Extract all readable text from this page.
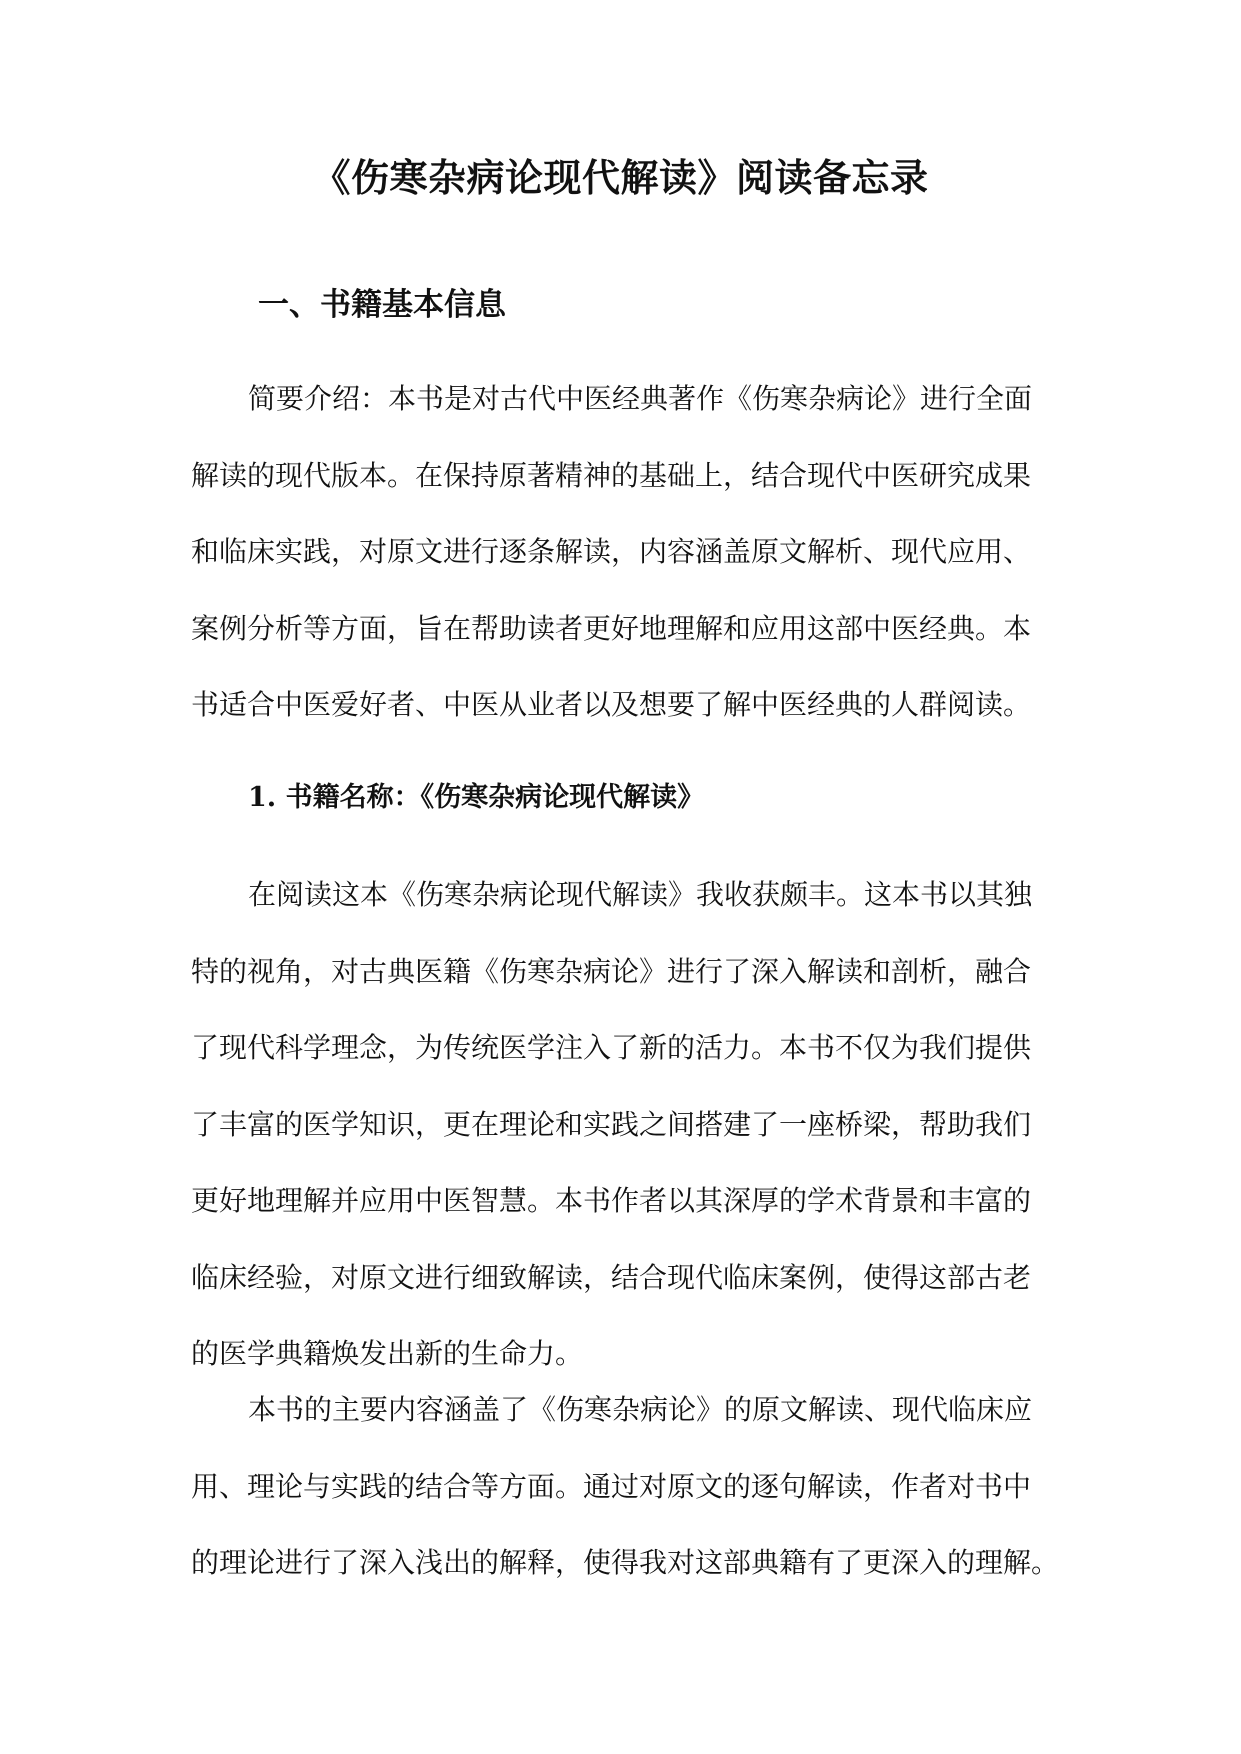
《伤寒杂病论现代解读》阅读备忘录
一、书籍基本信息
简要介绍：本书是对古代中医经典著作《伤寒杂病论》进行全面
解读的现代版本。在保持原著精神的基础上，结合现代中医研究成果
和临床实践，对原文进行逐条解读，内容涵盖原文解析、现代应用、
案例分析等方面，旨在帮助读者更好地理解和应用这部中医经典。本
书适合中医爱好者、中医从业者以及想要了解中医经典的人群阅读。
1. 书籍名称：《伤寒杂病论现代解读》
在阅读这本《伤寒杂病论现代解读》我收获颇丰。这本书以其独
特的视角，对古典医籍《伤寒杂病论》进行了深入解读和剖析，融合
了现代科学理念，为传统医学注入了新的活力。本书不仅为我们提供
了丰富的医学知识，更在理论和实践之间搭建了一座桥梁，帮助我们
更好地理解并应用中医智慧。本书作者以其深厚的学术背景和丰富的
临床经验，对原文进行细致解读，结合现代临床案例，使得这部古老
的医学典籍焕发出新的生命力。
本书的主要内容涵盖了《伤寒杂病论》的原文解读、现代临床应
用、理论与实践的结合等方面。通过对原文的逐句解读，作者对书中
的理论进行了深入浅出的解释，使得我对这部典籍有了更深入的理解。
